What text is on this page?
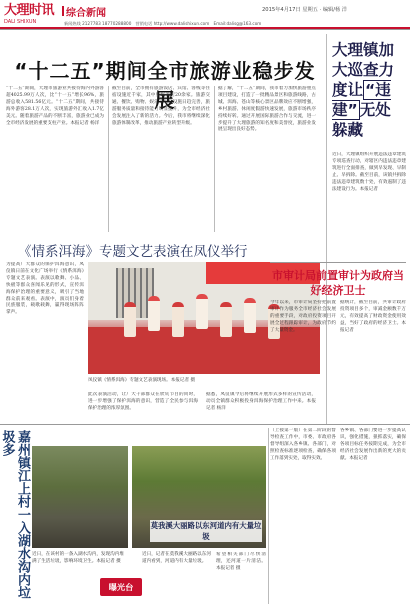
大理时讯
DALI SHIXUN
综合新闻	2015年4月17日 星期五 · 编辑/杨 洋
新闻热线 2127783 18770288800　营销电话 http://www.dalishixun.com　Email:dalisg@163.com
“十二五”期间全市旅游业稳步发展
“十二五”期间，大理市旅游业共接待海内外游客超4025.99万人次，比“十一五”增长96%，旅游总收入581.56亿元。“十二五”期间，共接待海外游客28.1万人次，实现旅游外汇收入1.7亿美元。随着旅游产品的不断丰富，旅游业已成为全市经济发展的重要支柱产业。本报记者 杨洋
截至目前，全市拥有旅游饭店、宾馆、客栈等住宿设施近千家，其中星级酒店20余家。旅游交通、餐饮、购物、娱乐等配套设施日趋完善，旅游服务质量和接待能力明显提升，为全市经济社会发展注入了新的活力。今后，我市将继续深化旅游体制改革，推动旅游产业转型升级。
据了解，“十二五”期间，我市着力加快旅游重点项目建设，打造了一批精品景区和旅游线路，古城、洱海、苍山等核心景区品牌效应不断增强，乡村旅游、休闲度假游快速发展，旅游市场秩序持续好转。通过开展国际旅游合作与交流，进一步提升了大理旅游的知名度和美誉度，旅游业发展呈现出良好态势。
《情系洱海》专题文艺表演在凤仪举行
为提高广大群众的保护洱海意识，凤仪镇日前在文化广场举行《情系洱海》专题文艺表演。表演以歌舞、小品、快板等群众喜闻乐见的形式，宣传洱海保护治理的重要意义，吸引了当地群众前来观看。表演中，演员们身着民族服装，载歌载舞，赢得现场阵阵掌声。
凤仪镇《情系洱海》专题文艺表演现场。本报记者 摄
此次表演活动，让广大干部群众在欣赏节目的同时，进一步增强了保护洱海的意识，营造了全民参与洱海保护治理的浓厚氛围。
据悉，凤仪镇今后将继续开展形式多样的宣传活动，动员全镇群众积极投身洱海保护治理工作中来。本报记者 杨洋
大理镇加大巡查力度让 “违建” 无处躲藏
近日，大理镇组织开展违法违章建筑专项巡查行动，对辖区内违法违章建筑进行全面排查，做到早发现、早制止、早拆除。截至目前，该镇共拆除违法违章建筑数十处，有效遏制了违法建设行为。本报记者
市审计局前置审计为政府当好经济卫士
今年以来，市审计局坚持把前置审计作为服务全市经济社会发展的重要手段，对政府投资项目开展全过程跟踪审计，为政府节约了大量资金。
据统计，截至目前，共审计政府投资项目多个，审减金额数千万元，有效提高了财政资金使用效益，当好了政府的经济卫士。本报记者
嘉州镇江上村一入湖水沟内垃圾多
莫我溪大丽路以东河道内有大量垃圾
近日，在该村的一条入湖水沟内，发现沟内堆满了生活垃圾，影响环境卫生。本报记者 摄
近日，记者在莫我溪大丽路以东河道内看到，河道内有大量垃圾。
曝光台
希望相关部门尽快清理，还河道一片清洁。本报记者 摄
（上接第一版）在第二阶段的督导检查工作中，市委、市政府各督导组深入各乡镇、各部门，对照检查标准逐项检查，确保各项工作落到实处，取得实效。
各乡镇、各部门要进一步提高认识，强化措施，狠抓落实，确保各项目标任务按期完成，为全市经济社会发展作出新的更大的贡献。本报记者
